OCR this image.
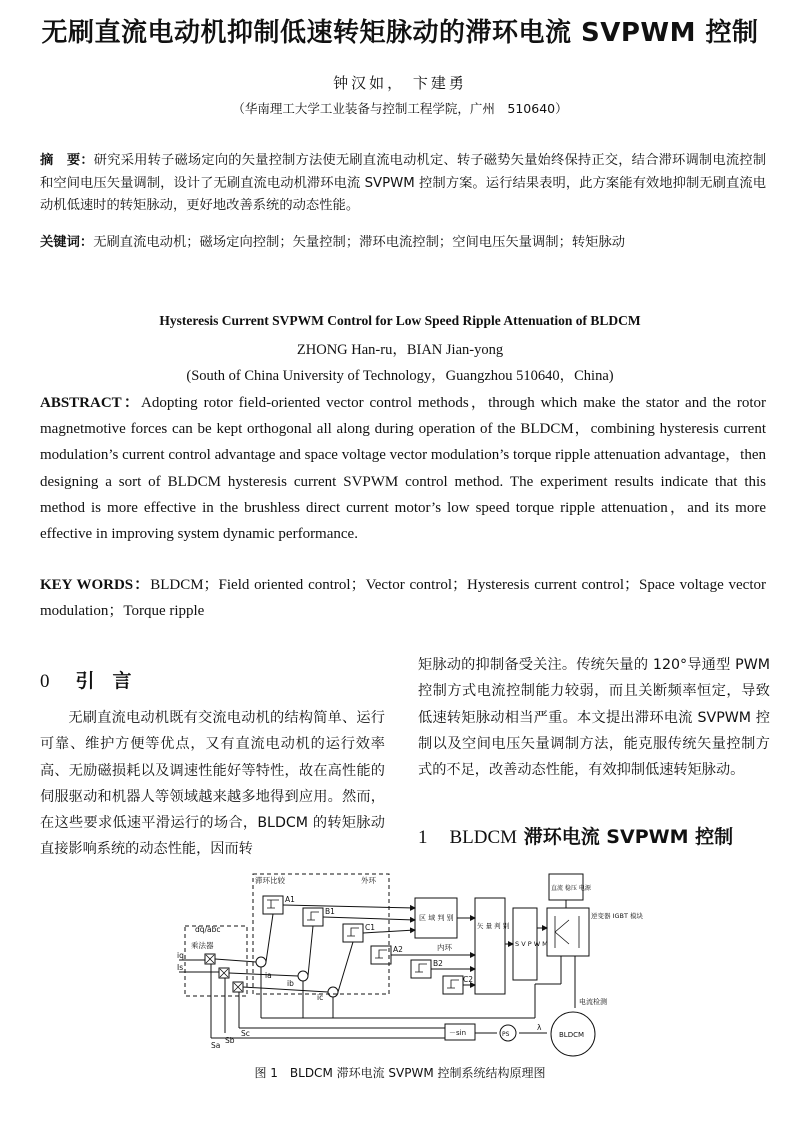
无刷直流电动机抑制低速转矩脉动的滞环电流 SVPWM 控制
钟汉如， 卞建勇
（华南理工大学工业装备与控制工程学院，广州　510640）
摘　要：研究采用转子磁场定向的矢量控制方法使无刷直流电动机定、转子磁势矢量始终保持正交，结合滞环调制电流控制和空间电压矢量调制，设计了无刷直流电动机滞环电流 SVPWM 控制方案。运行结果表明，此方案能有效地抑制无刷直流电动机低速时的转矩脉动，更好地改善系统的动态性能。
关键词：无刷直流电动机；磁场定向控制；矢量控制；滞环电流控制；空间电压矢量调制；转矩脉动
Hysteresis Current SVPWM Control for Low Speed Ripple Attenuation of BLDCM
ZHONG Han-ru，BIAN Jian-yong
(South of China University of Technology，Guangzhou 510640，China)
ABSTRACT：Adopting rotor field-oriented vector control methods，through which make the stator and the rotor magnetmotive forces can be kept orthogonal all along during operation of the BLDCM，combining hysteresis current modulation’s current control advantage and space voltage vector modulation’s torque ripple attenuation advantage，then designing a sort of BLDCM hysteresis current SVPWM control method. The experiment results indicate that this method is more effective in the brushless direct current motor’s low speed torque ripple attenuation，and its more effective in improving system dynamic performance.
KEY WORDS：BLDCM；Field oriented control；Vector control；Hysteresis current control；Space voltage vector modulation；Torque ripple
0 引言

无刷直流电动机既有交流电动机的结构简单、运行可靠、维护方便等优点，又有直流电动机的运行效率高、无励磁损耗以及调速性能好等特性，故在高性能的伺服驱动和机器人等领域越来越多地得到应用。然而，在这些要求低速平滑运行的场合，BLDCM 的转矩脉动直接影响系统的动态性能，因而转

矩脉动的抑制备受关注。传统矢量的 120°导通型 PWM 控制方式电流控制能力较弱，而且关断频率恒定，导致低速转矩脉动相当严重。本文提出滞环电流 SVPWM 控制以及空间电压矢量调制方法，能克服传统矢量控制方式的不足，改善动态性能，有效抑制低速转矩脉动。

1 BLDCM 滞环电流 SVPWM 控制
滞环比较	外环
内环
dq/abc
乘法器
A1
B1
C1
A2
B2
C2
区 域 判 别
矢 量 判 别
S V P W M
直流 稳压 电源
逆变器 IGBT 模块
电流检测
－sin	PS	BLDCM
λ
iq
Is
ia
ib
ic
Sa
Sb
Sc
图 1　BLDCM 滞环电流 SVPWM 控制系统结构原理图
